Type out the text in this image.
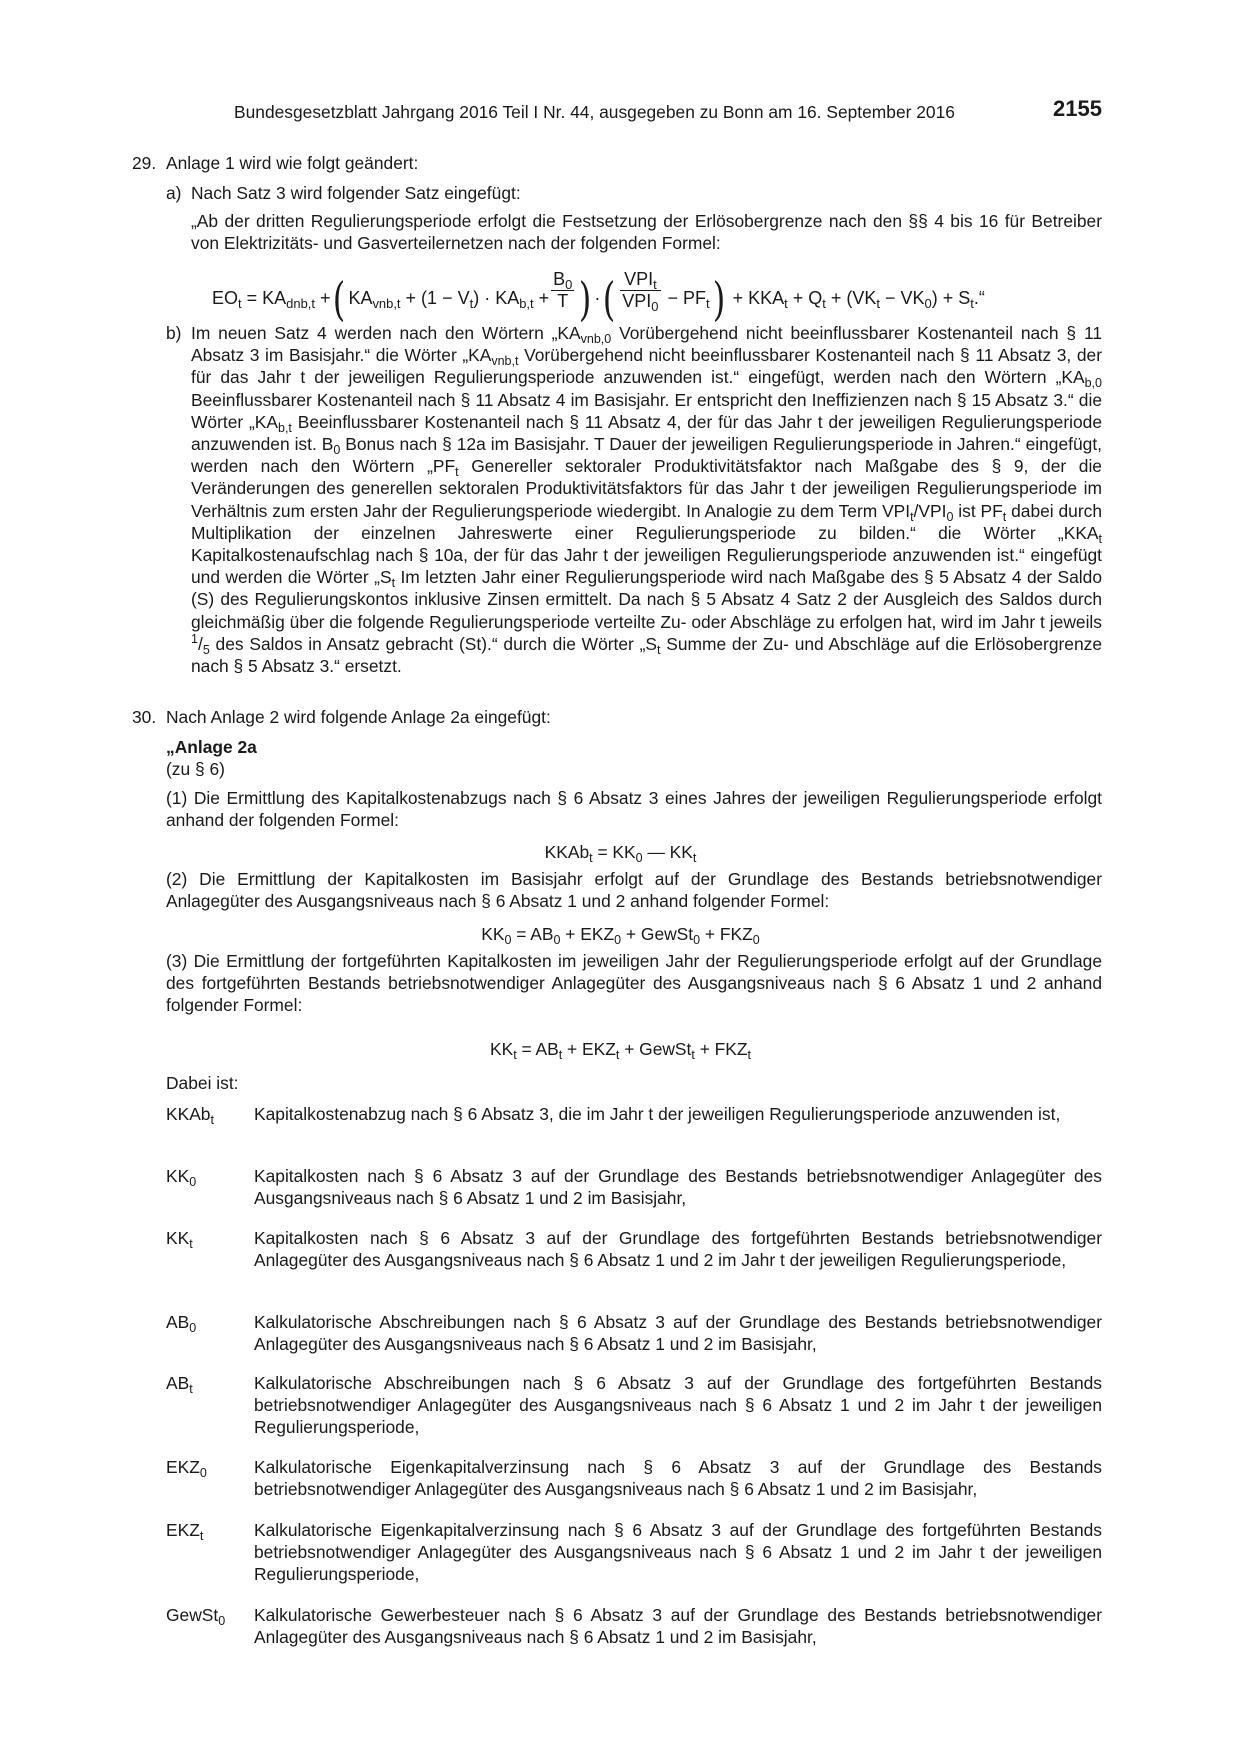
Bundesgesetzblatt Jahrgang 2016 Teil I Nr. 44, ausgegeben zu Bonn am 16. September 2016	2155
29. Anlage 1 wird wie folgt geändert:
a) Nach Satz 3 wird folgender Satz eingefügt:
„Ab der dritten Regulierungsperiode erfolgt die Festsetzung der Erlösobergrenze nach den §§ 4 bis 16 für Betreiber von Elektrizitäts- und Gasverteilernetzen nach der folgenden Formel:
$EO_t = KA_{dnb,t}$ +( $KA_{vnb,t} + (1 - V_t) \cdot KA_{b,t} + \frac{B_0}{T}$ ) ·( $\frac{VPI_t}{VPI_0} - PF_t) + KKA_t + Q_t + (VK_t - VK_0)$ + $S_t.“$
b) Im neuen Satz 4 werden nach den Wörtern $„KA_{vnb,0}$ Vorübergehend nicht beeinflussbarer Kostenanteil nach § 11 Absatz 3 im Basisjahr.“ die Wörter $„KA_{vnb,t}$ Vorübergehend nicht beeinflussbarer Kostenanteil nach § 11 Absatz 3, der für das Jahr t der jeweiligen Regulierungsperiode anzuwenden ist.“ eingefügt, werden nach den Wörtern $„KA_{b,0}$ Beeinflussbarer Kostenanteil nach § 11 Absatz 4 im Basisjahr. Er entspricht den Ineffizienzen nach § 15 Absatz 3.“ die Wörter $„KA_{b,t}$ Beeinflussbarer Kostenanteil nach § 11 Absatz 4, der für das Jahr t der jeweiligen Regulierungsperiode anzuwenden ist. $B_0$ Bonus nach § 12a im Basisjahr. T Dauer der jeweiligen Regulierungsperiode in Jahren.“ eingefügt, werden nach den Wörtern $„PF_t$ Genereller sektoraler Produktivitätsfaktor nach Maßgabe des § 9, der die Veränderungen des generellen sektoralen Produktivitätsfaktors für das Jahr t der jeweiligen Regulierungsperiode im Verhältnis zum ersten Jahr der Regulierungsperiode wiedergibt. In Analogie zu dem Term $VPI_t/VPI_0$ ist $PF_t$ dabei durch Multiplikation der einzelnen Jahreswerte einer Regulierungsperiode zu bilden.“ die Wörter $„KKA_t$ Kapitalkostenaufschlag nach § 10a, der für das Jahr t der jeweiligen Regulierungsperiode anzuwenden ist.“ eingefügt und werden die Wörter $„S_t$ Im letzten Jahr einer Regulierungsperiode wird nach Maßgabe des § 5 Absatz 4 der Saldo (S) des Regulierungskontos inklusive Zinsen ermittelt. Da nach § 5 Absatz 4 Satz 2 der Ausgleich des Saldos durch gleichmäßig über die folgende Regulierungsperiode verteilte Zu- oder Abschläge zu erfolgen hat, wird im Jahr t jeweils $^1/_5$ des Saldos in Ansatz gebracht (St).“ durch die Wörter $„S_t$ Summe der Zu- und Abschläge auf die Erlösobergrenze nach § 5 Absatz 3.“ ersetzt.
30. Nach Anlage 2 wird folgende Anlage 2a eingefügt:
„Anlage 2a
(zu § 6)
(1) Die Ermittlung des Kapitalkostenabzugs nach § 6 Absatz 3 eines Jahres der jeweiligen Regulierungsperiode erfolgt anhand der folgenden Formel:
KKAb$_t$ = $KK_0$ — $KK_t$
(2) Die Ermittlung der Kapitalkosten im Basisjahr erfolgt auf der Grundlage des Bestands betriebsnotwendiger Anlagegüter des Ausgangsniveaus nach § 6 Absatz 1 und 2 anhand folgender Formel:
$KK_0 = AB_0 + EKZ_0$ + GewSt$_0$ + $FKZ_0$
(3) Die Ermittlung der fortgeführten Kapitalkosten im jeweiligen Jahr der Regulierungsperiode erfolgt auf der Grundlage des fortgeführten Bestands betriebsnotwendiger Anlagegüter des Ausgangsniveaus nach § 6 Absatz 1 und 2 anhand folgender Formel:
$KK_t = AB_t + EKZ_t$ + GewSt$_t$ + $FKZ_t$
Dabei ist:
KKAb$_t$ Kapitalkostenabzug nach § 6 Absatz 3, die im Jahr t der jeweiligen Regulierungsperiode anzuwenden ist,
$KK_0$	Kapitalkosten nach § 6 Absatz 3 auf der Grundlage des Bestands betriebsnotwendiger Anlagegüter des Ausgangsniveaus nach § 6 Absatz 1 und 2 im Basisjahr,
$KK_t$	Kapitalkosten nach § 6 Absatz 3 auf der Grundlage des fortgeführten Bestands betriebsnotwendiger Anlagegüter des Ausgangsniveaus nach § 6 Absatz 1 und 2 im Jahr t der jeweiligen Regulierungsperiode,
$AB_0$	Kalkulatorische Abschreibungen nach § 6 Absatz 3 auf der Grundlage des Bestands betriebsnotwendiger Anlagegüter des Ausgangsniveaus nach § 6 Absatz 1 und 2 im Basisjahr,
$AB_t$	Kalkulatorische Abschreibungen nach § 6 Absatz 3 auf der Grundlage des fortgeführten Bestands betriebsnotwendiger Anlagegüter des Ausgangsniveaus nach § 6 Absatz 1 und 2 im Jahr t der jeweiligen Regulierungsperiode,
$EKZ_0$	Kalkulatorische Eigenkapitalverzinsung nach § 6 Absatz 3 auf der Grundlage des Bestands betriebsnotwendiger Anlagegüter des Ausgangsniveaus nach § 6 Absatz 1 und 2 im Basisjahr,
$EKZ_t$	Kalkulatorische Eigenkapitalverzinsung nach § 6 Absatz 3 auf der Grundlage des fortgeführten Bestands betriebsnotwendiger Anlagegüter des Ausgangsniveaus nach § 6 Absatz 1 und 2 im Jahr t der jeweiligen Regulierungsperiode,
GewSt$_0$ Kalkulatorische Gewerbesteuer nach § 6 Absatz 3 auf der Grundlage des Bestands betriebsnotwendiger Anlagegüter des Ausgangsniveaus nach § 6 Absatz 1 und 2 im Basisjahr,
